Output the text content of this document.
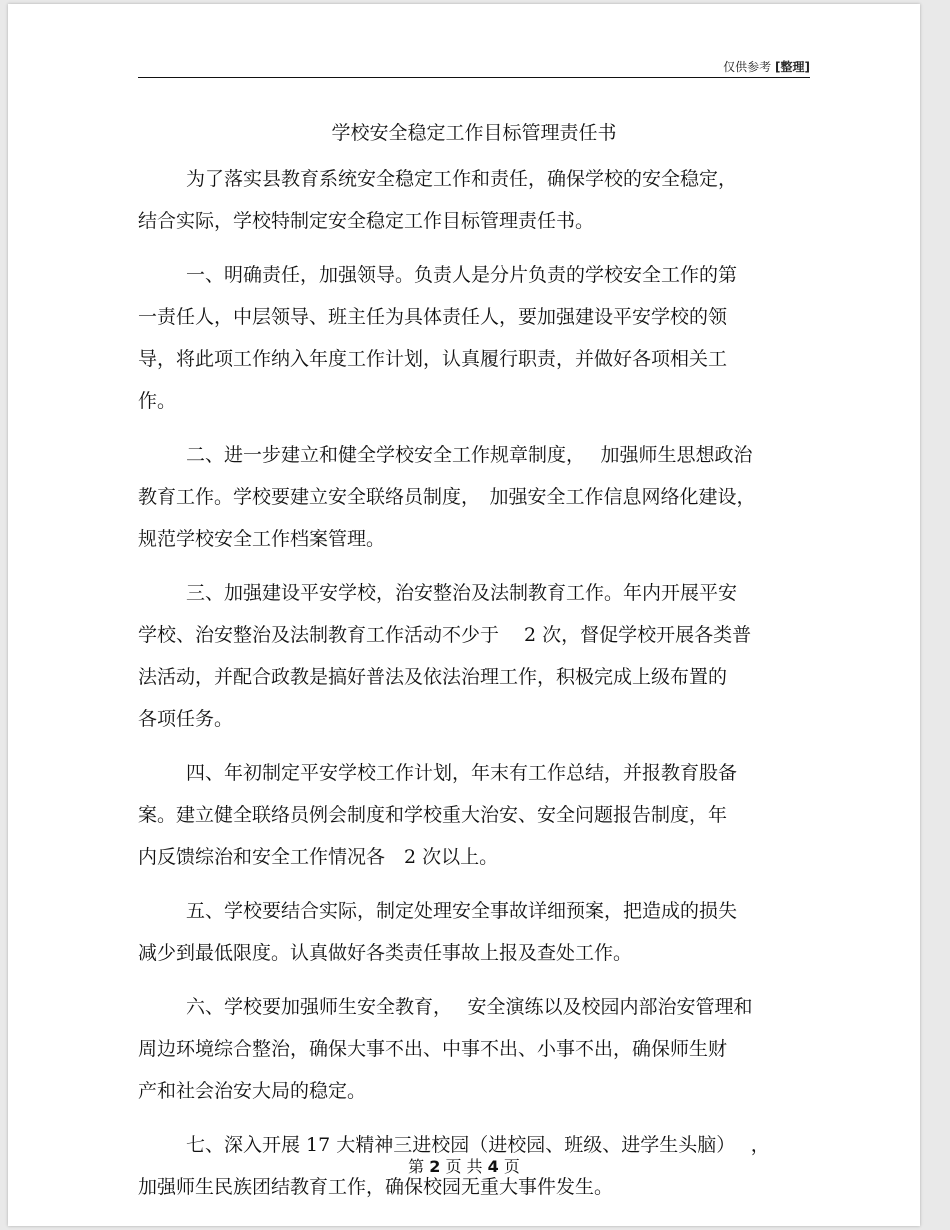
仅供参考 [整理]
学校安全稳定工作目标管理责任书
为了落实县教育系统安全稳定工作和责任，确保学校的安全稳定，
结合实际，学校特制定安全稳定工作目标管理责任书。
一、明确责任，加强领导。负责人是分片负责的学校安全工作的第
一责任人，中层领导、班主任为具体责任人，要加强建设平安学校的领
导，将此项工作纳入年度工作计划，认真履行职责，并做好各项相关工
作。
二、进一步建立和健全学校安全工作规章制度，　 加强师生思想政治
教育工作。学校要建立安全联络员制度，　加强安全工作信息网络化建设，
规范学校安全工作档案管理。
三、加强建设平安学校，治安整治及法制教育工作。年内开展平安
学校、治安整治及法制教育工作活动不少于　 2 次，督促学校开展各类普
法活动，并配合政教是搞好普法及依法治理工作，积极完成上级布置的
各项任务。
四、年初制定平安学校工作计划，年末有工作总结，并报教育股备
案。建立健全联络员例会制度和学校重大治安、安全问题报告制度，年
内反馈综治和安全工作情况各　2 次以上。
五、学校要结合实际，制定处理安全事故详细预案，把造成的损失
减少到最低限度。认真做好各类责任事故上报及查处工作。
六、学校要加强师生安全教育，　 安全演练以及校园内部治安管理和
周边环境综合整治，确保大事不出、中事不出、小事不出，确保师生财
产和社会治安大局的稳定。
七、深入开展 17 大精神三进校园（进校园、班级、进学生头脑）　 ，
加强师生民族团结教育工作，确保校园无重大事件发生。
第 2 页 共 4 页
